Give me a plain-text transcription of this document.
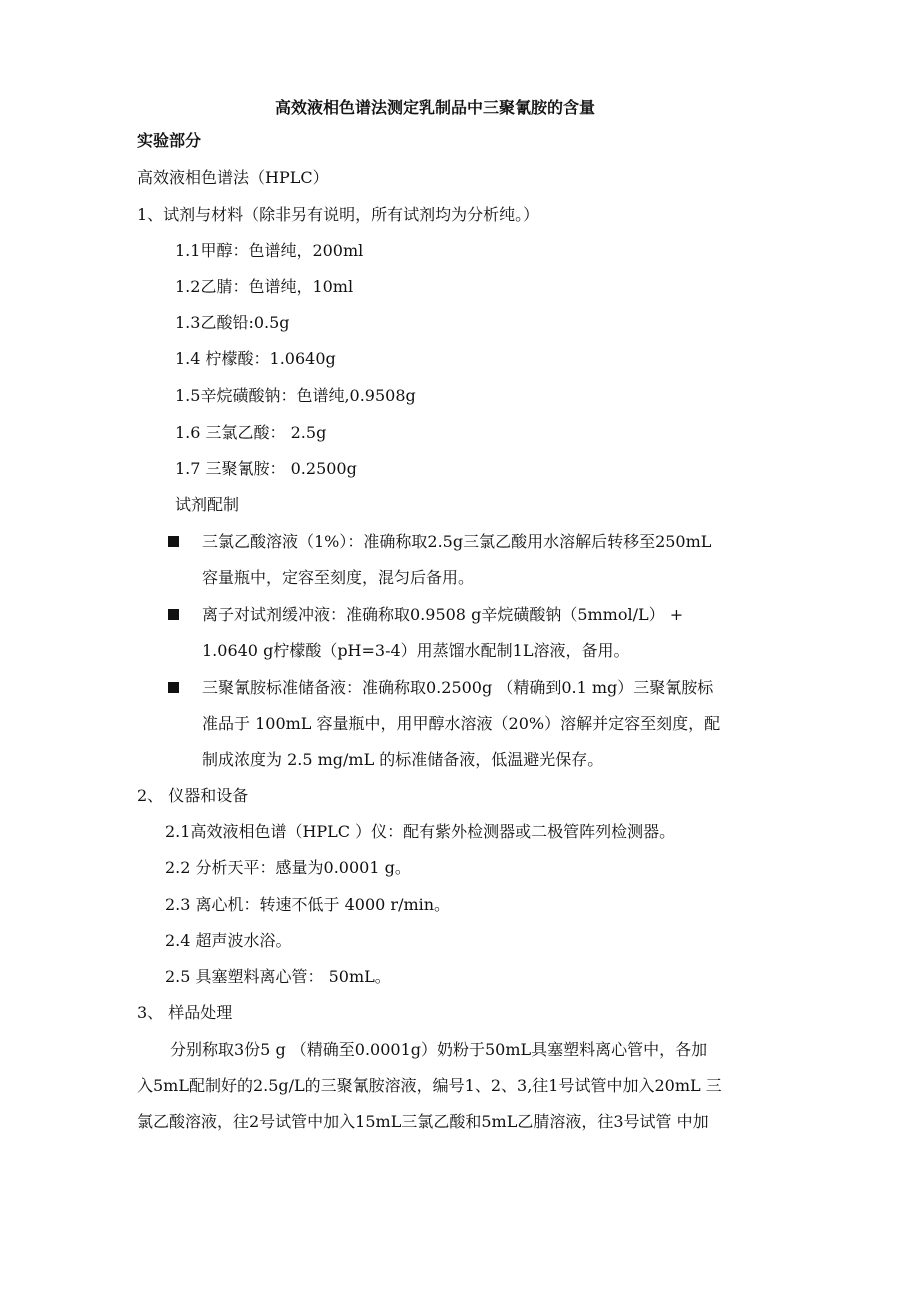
高效液相色谱法测定乳制品中三聚氰胺的含量
实验部分
高效液相色谱法（HPLC）
1、试剂与材料（除非另有说明，所有试剂均为分析纯。）
1.1甲醇：色谱纯，200ml
1.2乙腈：色谱纯，10ml
1.3乙酸铅:0.5g
1.4 柠檬酸：1.0640g
1.5辛烷磺酸钠：色谱纯,0.9508g
1.6 三氯乙酸： 2.5g
1.7 三聚氰胺： 0.2500g
试剂配制
三氯乙酸溶液（1%）：准确称取2.5g三氯乙酸用水溶解后转移至250mL
容量瓶中，定容至刻度，混匀后备用。
离子对试剂缓冲液：准确称取0.9508 g辛烷磺酸钠（5mmol/L） +
1.0640 g柠檬酸（pH=3-4）用蒸馏水配制1L溶液，备用。
三聚氰胺标准储备液：准确称取0.2500g （精确到0.1 mg）三聚氰胺标
准品于 100mL 容量瓶中，用甲醇水溶液（20%）溶解并定容至刻度，配
制成浓度为 2.5 mg/mL 的标准储备液，低温避光保存。
2、 仪器和设备
2.1高效液相色谱（HPLC ）仪：配有紫外检测器或二极管阵列检测器。
2.2 分析天平：感量为0.0001 g。
2.3 离心机：转速不低于 4000 r/min。
2.4 超声波水浴。
2.5 具塞塑料离心管： 50mL。
3、 样品处理
分别称取3份5 g （精确至0.0001g）奶粉于50mL具塞塑料离心管中，各加
入5mL配制好的2.5g/L的三聚氰胺溶液，编号1、2、3,往1号试管中加入20mL 三
氯乙酸溶液，往2号试管中加入15mL三氯乙酸和5mL乙腈溶液，往3号试管 中加
